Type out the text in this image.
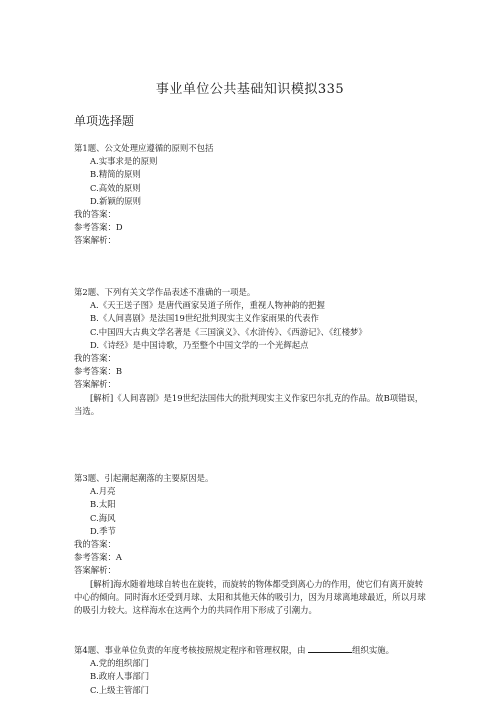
事业单位公共基础知识模拟335
单项选择题
第1题、公文处理应遵循的原则不包括
A.实事求是的原则
B.精简的原则
C.高效的原则
D.新颖的原则
我的答案：
参考答案：D
答案解析：
第2题、下列有关文学作品表述不准确的一项是。
A.《天王送子图》是唐代画家吴道子所作，重视人物神韵的把握
B.《人间喜剧》是法国19世纪批判现实主义作家雨果的代表作
C.中国四大古典文学名著是《三国演义》、《水浒传》、《西游记》、《红楼梦》
D.《诗经》是中国诗歌，乃至整个中国文学的一个光辉起点
我的答案：
参考答案：B
答案解析：
[解析]《人间喜剧》是19世纪法国伟大的批判现实主义作家巴尔扎克的作品。故B项错误，当选。
第3题、引起潮起潮落的主要原因是。
A.月亮
B.太阳
C.海风
D.季节
我的答案：
参考答案：A
答案解析：
[解析]海水随着地球自转也在旋转，而旋转的物体都受到离心力的作用，使它们有离开旋转中心的倾向。同时海水还受到月球、太阳和其他天体的吸引力，因为月球离地球最近，所以月球的吸引力较大。这样海水在这两个力的共同作用下形成了引潮力。
第4题、事业单位负责的年度考核按照规定程序和管理权限，由	组织实施。
A.党的组织部门
B.政府人事部门
C.上级主管部门
